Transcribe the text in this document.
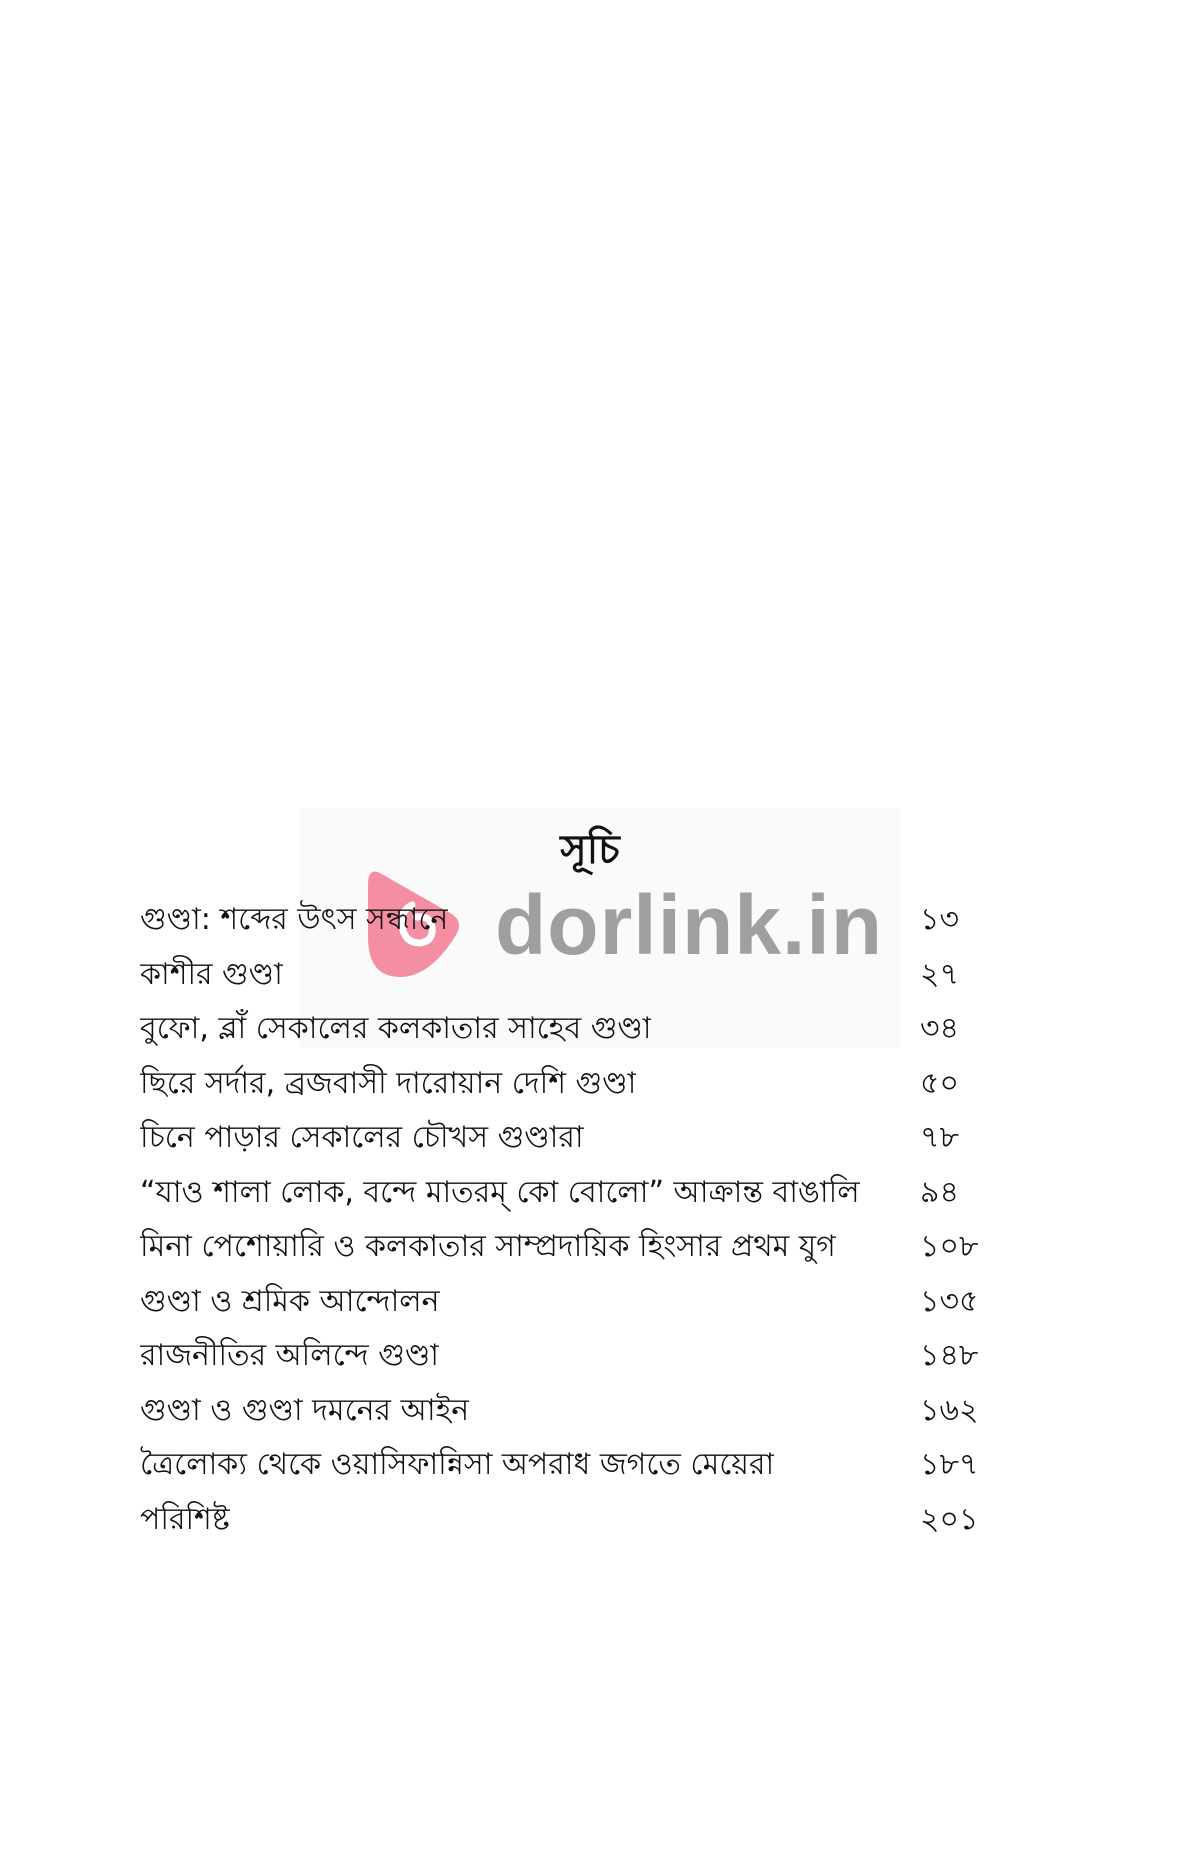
dorlink.in
সূচি
গুণ্ডা: শব্দের উৎস সন্ধানে	১৩
কাশীর গুণ্ডা	২৭
বুফো, ব্লাঁ সেকালের কলকাতার সাহেব গুণ্ডা	৩৪
ছিরে সর্দার, ব্রজবাসী দারোয়ান দেশি গুণ্ডা	৫০
চিনে পাড়ার সেকালের চৌখস গুণ্ডারা	৭৮
“যাও শালা লোক, বন্দে মাতরম্ কো বোলো” আক্রান্ত বাঙালি ৯৪
মিনা পেশোয়ারি ও কলকাতার সাম্প্রদায়িক হিংসার প্রথম যুগ	১০৮
গুণ্ডা ও শ্রমিক আন্দোলন	১৩৫
রাজনীতির অলিন্দে গুণ্ডা	১৪৮
গুণ্ডা ও গুণ্ডা দমনের আইন	১৬২
ত্রৈলোক্য থেকে ওয়াসিফান্নিসা অপরাধ জগতে মেয়েরা	১৮৭
পরিশিষ্ট	২০১
